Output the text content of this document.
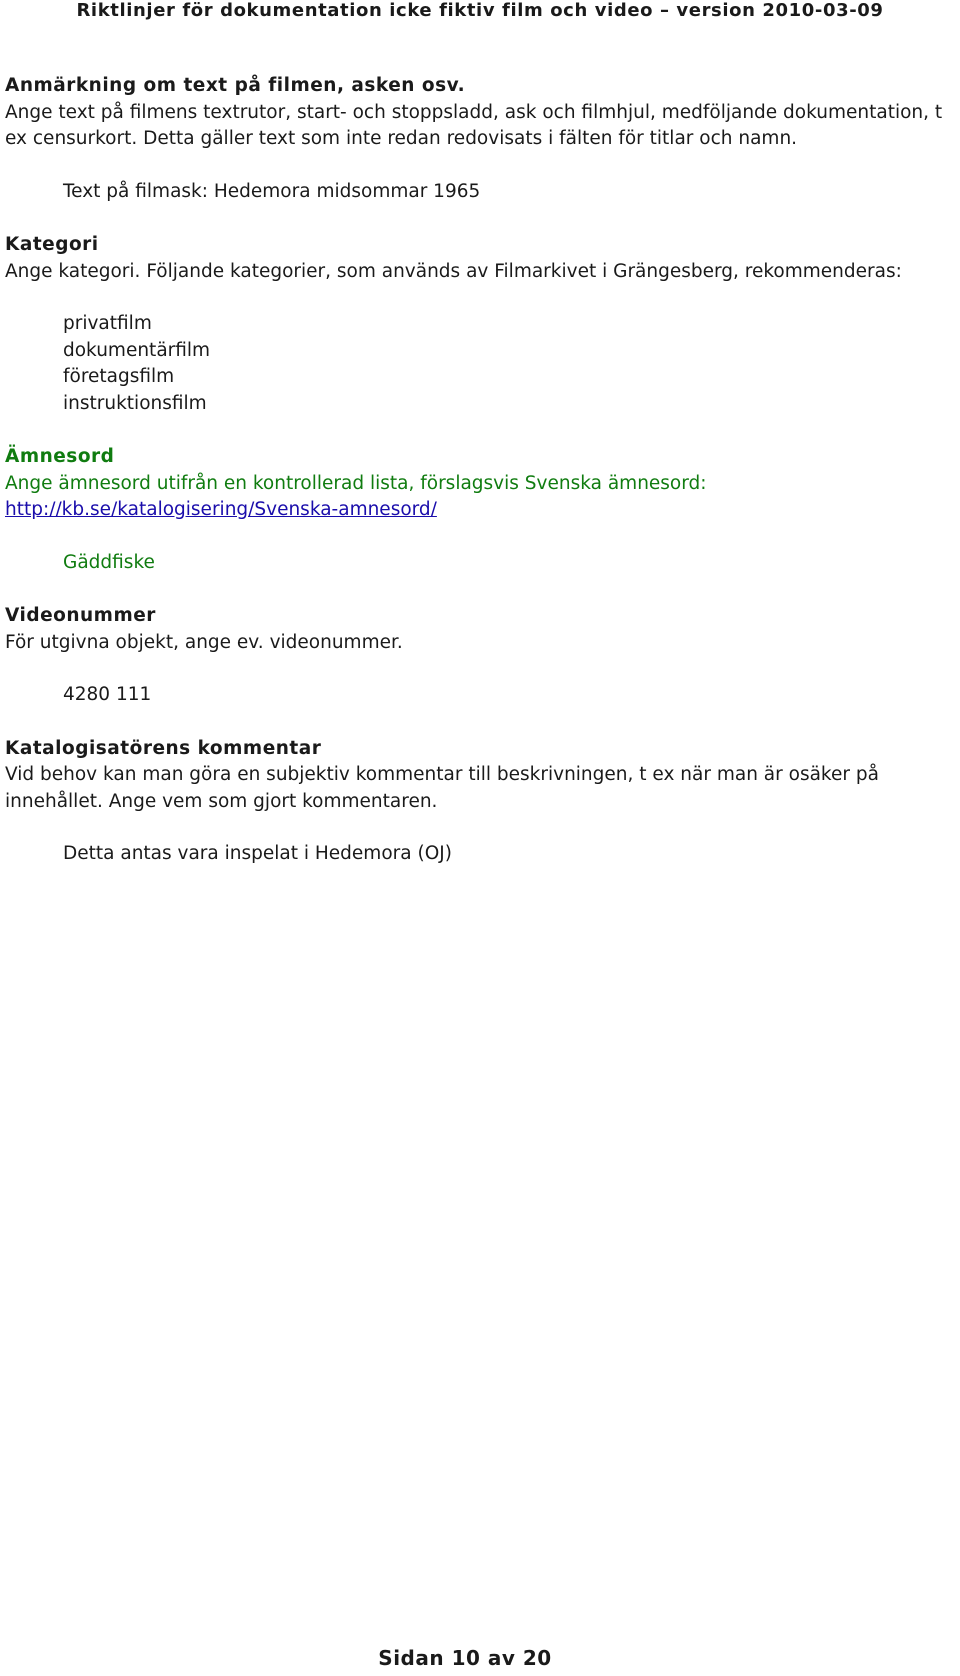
Riktlinjer för dokumentation icke fiktiv film och video – version 2010-03-09

Anmärkning om text på filmen, asken osv.

Ange text på filmens textrutor, start- och stoppsladd, ask och filmhjul, medföljande dokumentation, t ex censurkort. Detta gäller text som inte redan redovisats i fälten för titlar och namn.

Text på filmask: Hedemora midsommar 1965

Kategori

Ange kategori. Följande kategorier, som används av Filmarkivet i Grängesberg, rekommenderas:

privatfilm
dokumentärfilm
företagsfilm
instruktionsfilm

Ämnesord

Ange ämnesord utifrån en kontrollerad lista, förslagsvis Svenska ämnesord:

http://kb.se/katalogisering/Svenska-amnesord/

Gäddfiske

Videonummer

För utgivna objekt, ange ev. videonummer.

4280 111

Katalogisatörens kommentar

Vid behov kan man göra en subjektiv kommentar till beskrivningen, t ex när man är osäker på innehållet. Ange vem som gjort kommentaren.

Detta antas vara inspelat i Hedemora (OJ)

Sidan 10 av 20
